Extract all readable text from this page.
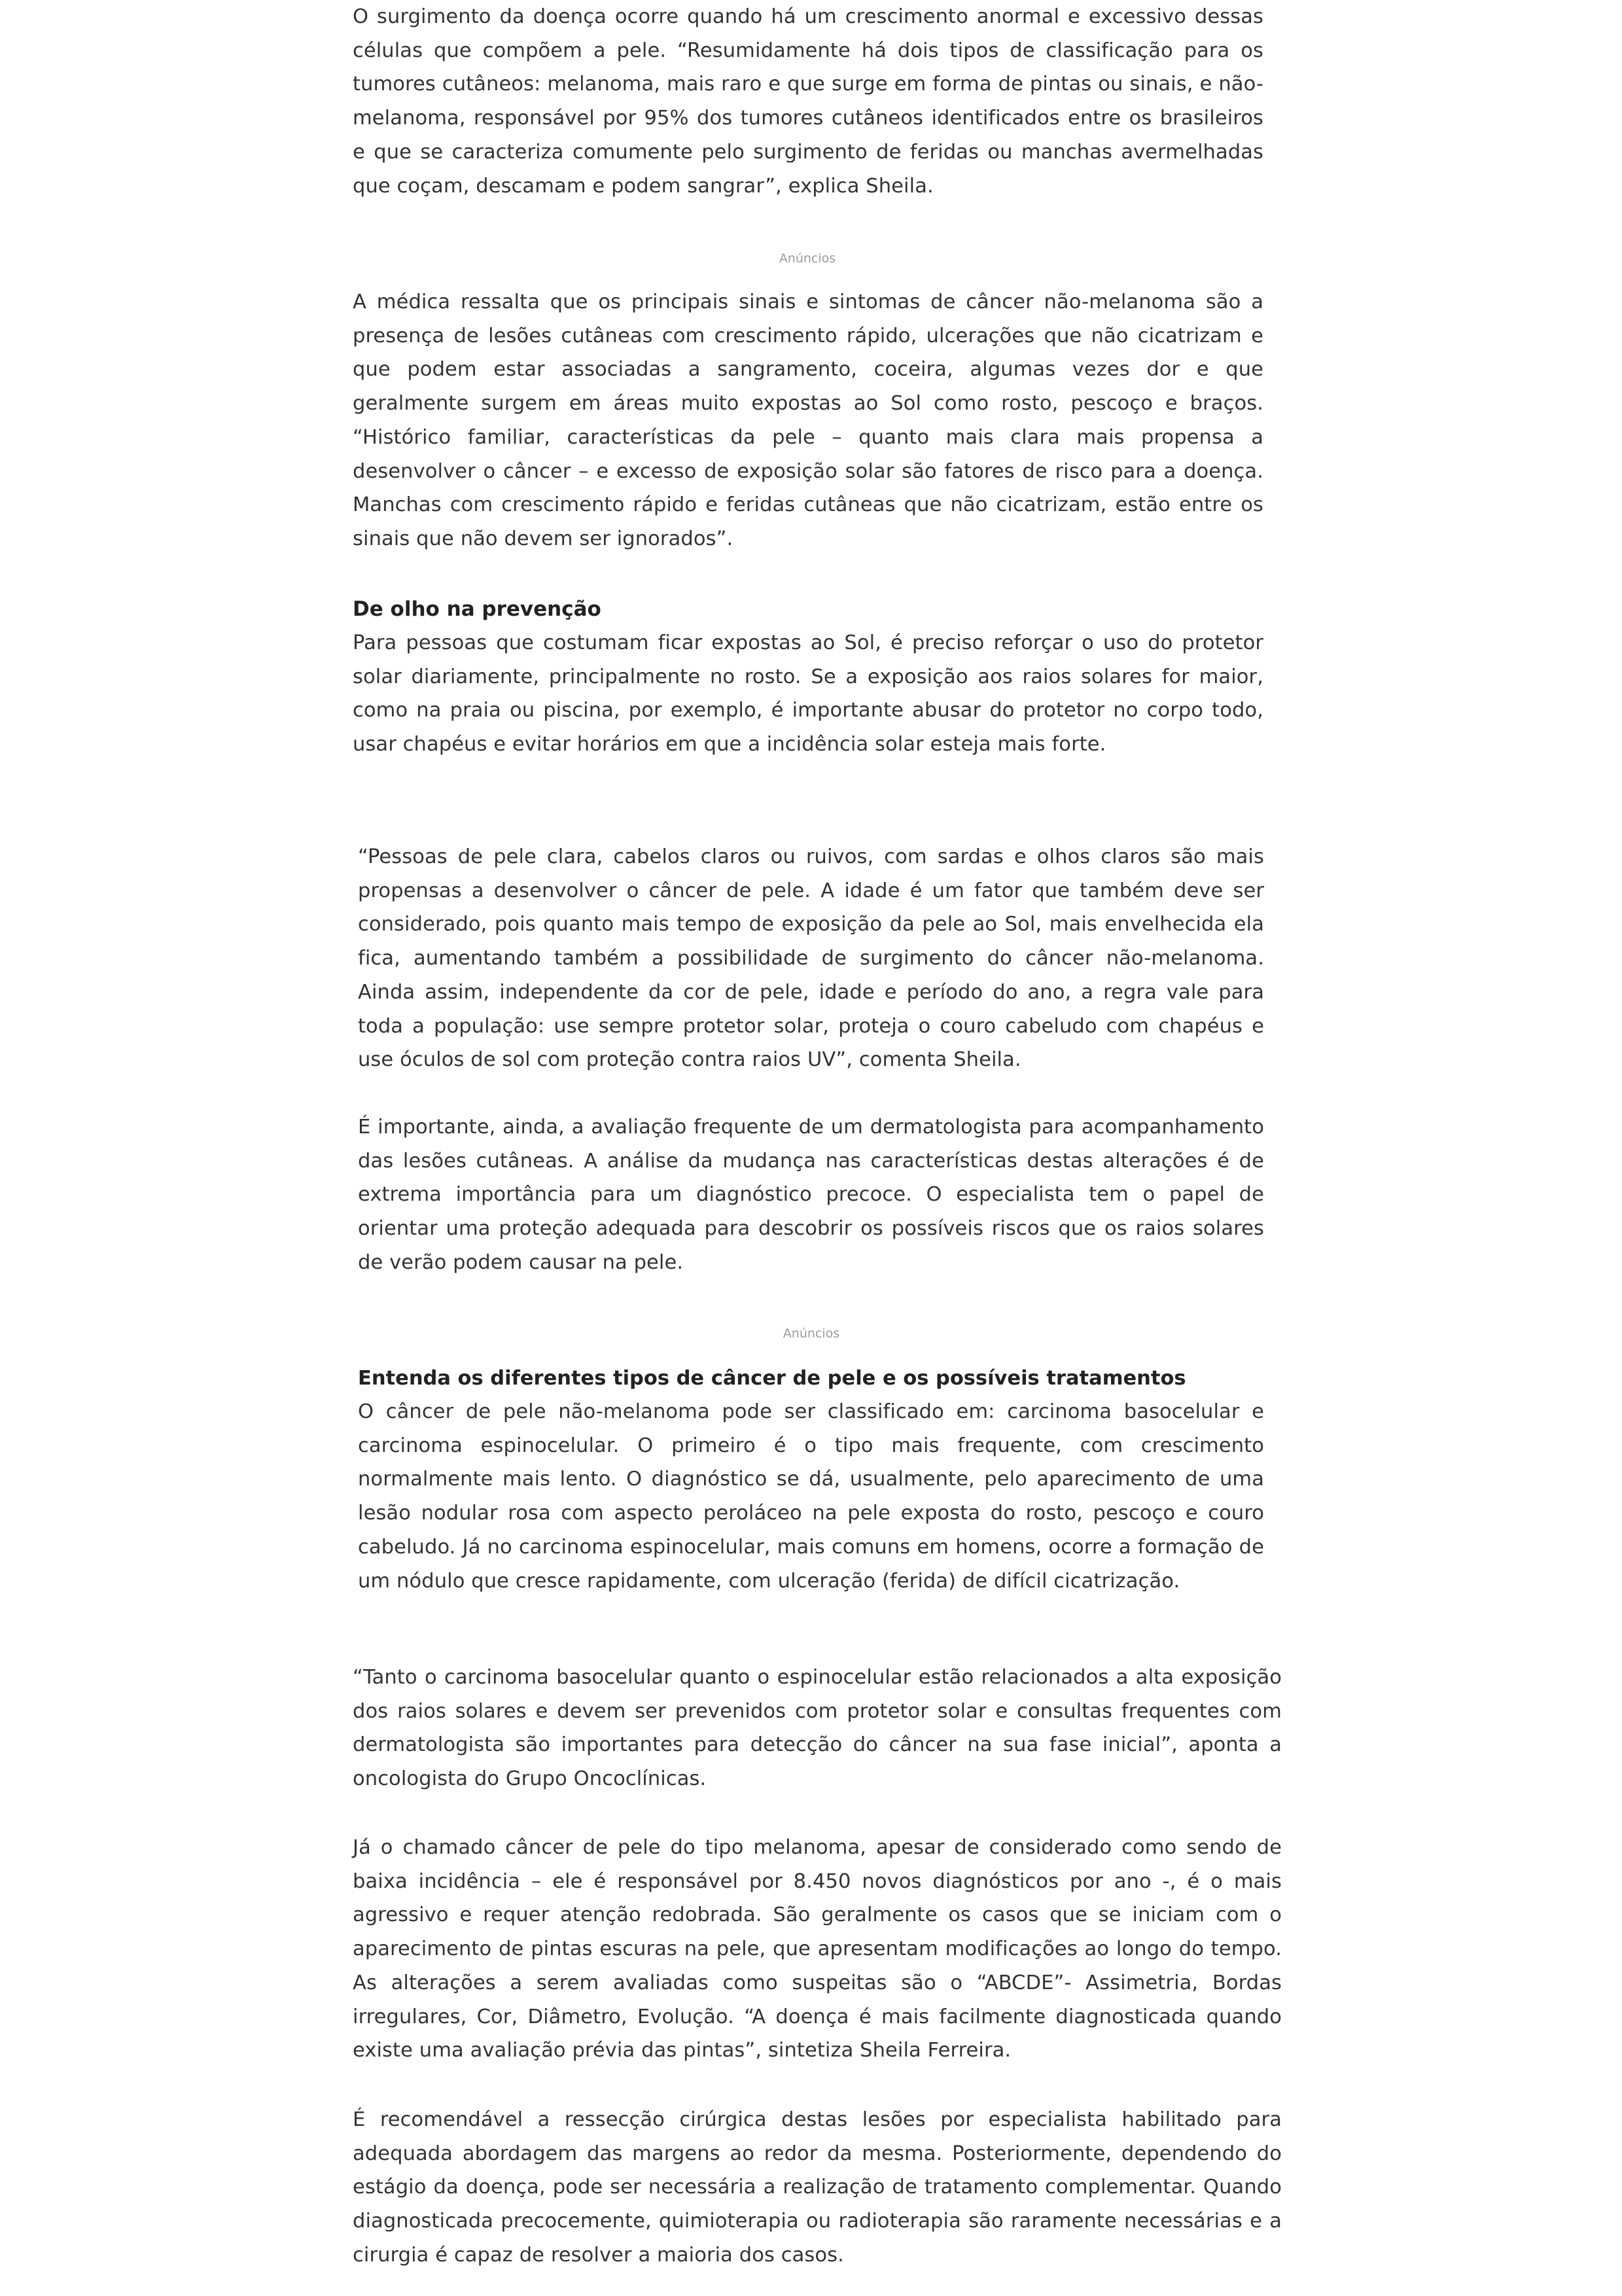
O surgimento da doença ocorre quando há um crescimento anormal e excessivo dessas células que compõem a pele. “Resumidamente há dois tipos de classificação para os tumores cutâneos: melanoma, mais raro e que surge em forma de pintas ou sinais, e não-melanoma, responsável por 95% dos tumores cutâneos identificados entre os brasileiros e que se caracteriza comumente pelo surgimento de feridas ou manchas avermelhadas que coçam, descamam e podem sangrar”, explica Sheila.

Anúncios

A médica ressalta que os principais sinais e sintomas de câncer não-melanoma são a presença de lesões cutâneas com crescimento rápido, ulcerações que não cicatrizam e que podem estar associadas a sangramento, coceira, algumas vezes dor e que geralmente surgem em áreas muito expostas ao Sol como rosto, pescoço e braços. “Histórico familiar, características da pele – quanto mais clara mais propensa a desenvolver o câncer – e excesso de exposição solar são fatores de risco para a doença. Manchas com crescimento rápido e feridas cutâneas que não cicatrizam, estão entre os sinais que não devem ser ignorados”.

De olho na prevenção

Para pessoas que costumam ficar expostas ao Sol, é preciso reforçar o uso do protetor solar diariamente, principalmente no rosto. Se a exposição aos raios solares for maior, como na praia ou piscina, por exemplo, é importante abusar do protetor no corpo todo, usar chapéus e evitar horários em que a incidência solar esteja mais forte.

“Pessoas de pele clara, cabelos claros ou ruivos, com sardas e olhos claros são mais propensas a desenvolver o câncer de pele. A idade é um fator que também deve ser considerado, pois quanto mais tempo de exposição da pele ao Sol, mais envelhecida ela fica, aumentando também a possibilidade de surgimento do câncer não-melanoma. Ainda assim, independente da cor de pele, idade e período do ano, a regra vale para toda a população: use sempre protetor solar, proteja o couro cabeludo com chapéus e use óculos de sol com proteção contra raios UV”, comenta Sheila.

É importante, ainda, a avaliação frequente de um dermatologista para acompanhamento das lesões cutâneas. A análise da mudança nas características destas alterações é de extrema importância para um diagnóstico precoce. O especialista tem o papel de orientar uma proteção adequada para descobrir os possíveis riscos que os raios solares de verão podem causar na pele.

Anúncios

Entenda os diferentes tipos de câncer de pele e os possíveis tratamentos

O câncer de pele não-melanoma pode ser classificado em: carcinoma basocelular e carcinoma espinocelular. O primeiro é o tipo mais frequente, com crescimento normalmente mais lento. O diagnóstico se dá, usualmente, pelo aparecimento de uma lesão nodular rosa com aspecto peroláceo na pele exposta do rosto, pescoço e couro cabeludo. Já no carcinoma espinocelular, mais comuns em homens, ocorre a formação de um nódulo que cresce rapidamente, com ulceração (ferida) de difícil cicatrização.

“Tanto o carcinoma basocelular quanto o espinocelular estão relacionados a alta exposição dos raios solares e devem ser prevenidos com protetor solar e consultas frequentes com dermatologista são importantes para detecção do câncer na sua fase inicial”, aponta a oncologista do Grupo Oncoclínicas.

Já o chamado câncer de pele do tipo melanoma, apesar de considerado como sendo de baixa incidência – ele é responsável por 8.450 novos diagnósticos por ano -, é o mais agressivo e requer atenção redobrada. São geralmente os casos que se iniciam com o aparecimento de pintas escuras na pele, que apresentam modificações ao longo do tempo. As alterações a serem avaliadas como suspeitas são o “ABCDE”- Assimetria, Bordas irregulares, Cor, Diâmetro, Evolução. “A doença é mais facilmente diagnosticada quando existe uma avaliação prévia das pintas”, sintetiza Sheila Ferreira.

É recomendável a ressecção cirúrgica destas lesões por especialista habilitado para adequada abordagem das margens ao redor da mesma. Posteriormente, dependendo do estágio da doença, pode ser necessária a realização de tratamento complementar. Quando diagnosticada precocemente, quimioterapia ou radioterapia são raramente necessárias e a cirurgia é capaz de resolver a maioria dos casos.
